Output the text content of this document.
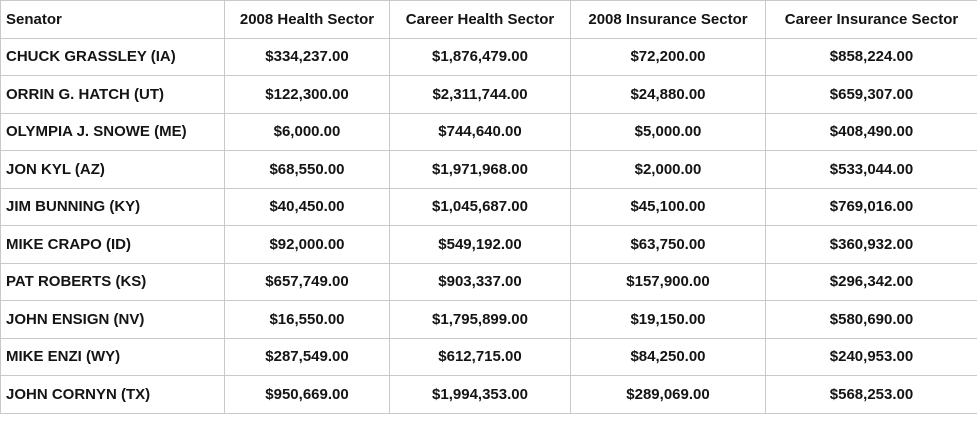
Senator	2008 Health Sector	Career Health Sector	2008 Insurance Sector	Career Insurance Sector
CHUCK GRASSLEY (IA)	$334,237.00	$1,876,479.00	$72,200.00	$858,224.00
ORRIN G. HATCH (UT)	$122,300.00	$2,311,744.00	$24,880.00	$659,307.00
OLYMPIA J. SNOWE (ME)	$6,000.00	$744,640.00	$5,000.00	$408,490.00
JON KYL (AZ)	$68,550.00	$1,971,968.00	$2,000.00	$533,044.00
JIM BUNNING (KY)	$40,450.00	$1,045,687.00	$45,100.00	$769,016.00
MIKE CRAPO (ID)	$92,000.00	$549,192.00	$63,750.00	$360,932.00
PAT ROBERTS (KS)	$657,749.00	$903,337.00	$157,900.00	$296,342.00
JOHN ENSIGN (NV)	$16,550.00	$1,795,899.00	$19,150.00	$580,690.00
MIKE ENZI (WY)	$287,549.00	$612,715.00	$84,250.00	$240,953.00
JOHN CORNYN (TX)	$950,669.00	$1,994,353.00	$289,069.00	$568,253.00
